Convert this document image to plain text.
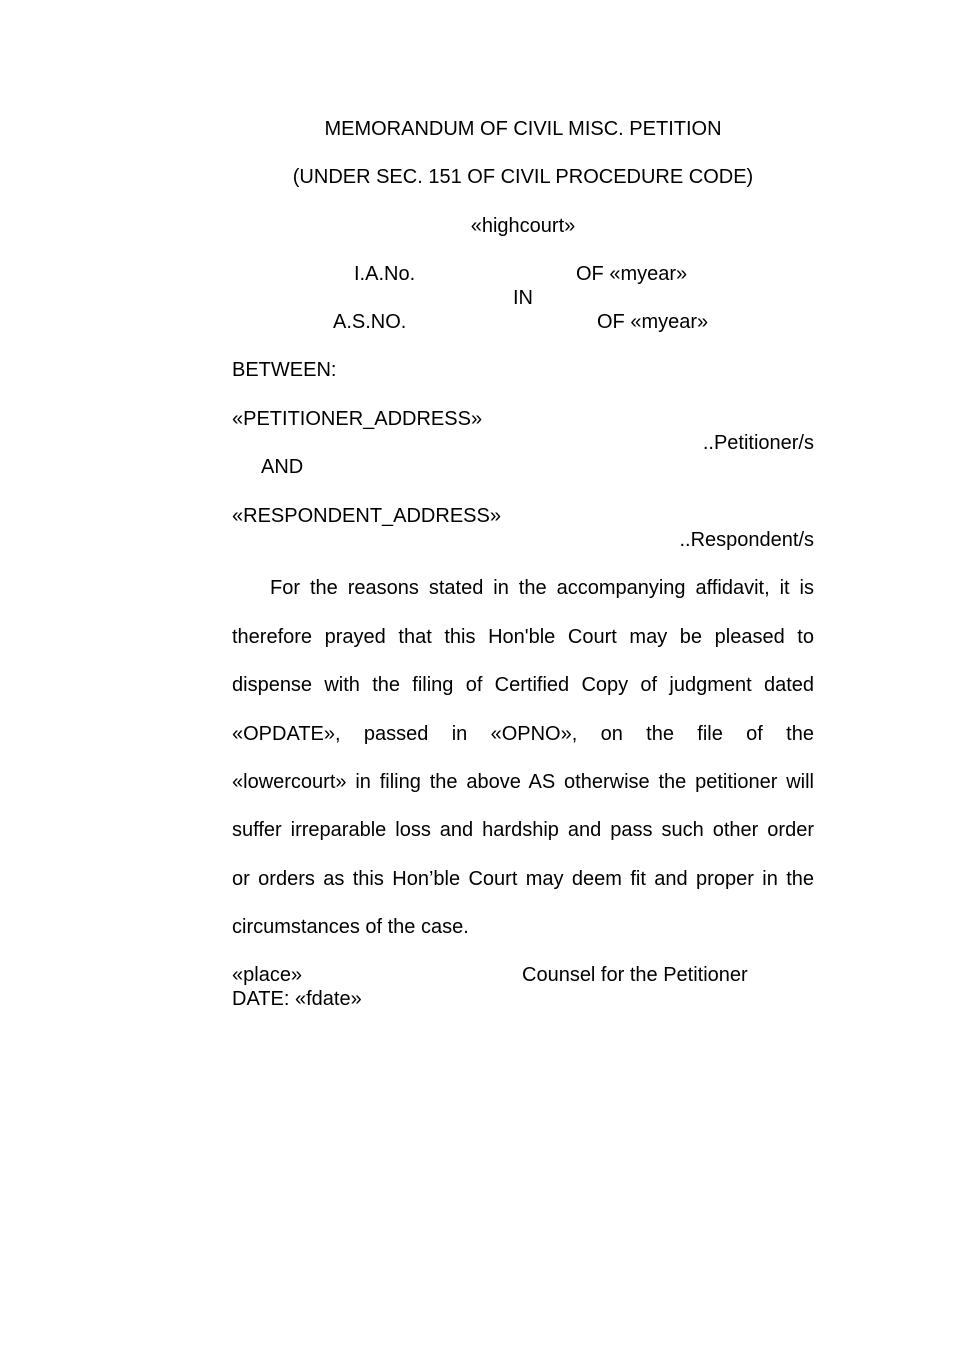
MEMORANDUM OF CIVIL MISC. PETITION
(UNDER SEC. 151 OF CIVIL PROCEDURE CODE)
«highcourt»
I.A.No.	OF «myear»
IN
A.S.NO.	OF «myear»
BETWEEN:
«PETITIONER_ADDRESS»
..Petitioner/s
AND
«RESPONDENT_ADDRESS»
..Respondent/s
For the reasons stated in the accompanying affidavit, it is
therefore prayed that this Hon'ble Court may be pleased to
dispense with the filing of Certified Copy of judgment dated
«OPDATE», passed in «OPNO», on the file of the
«lowercourt» in filing the above AS otherwise the petitioner will
suffer irreparable loss and hardship and pass such other order
or orders as this Hon’ble Court may deem fit and proper in the
circumstances of the case.
«place»	Counsel for the Petitioner
DATE: «fdate»
